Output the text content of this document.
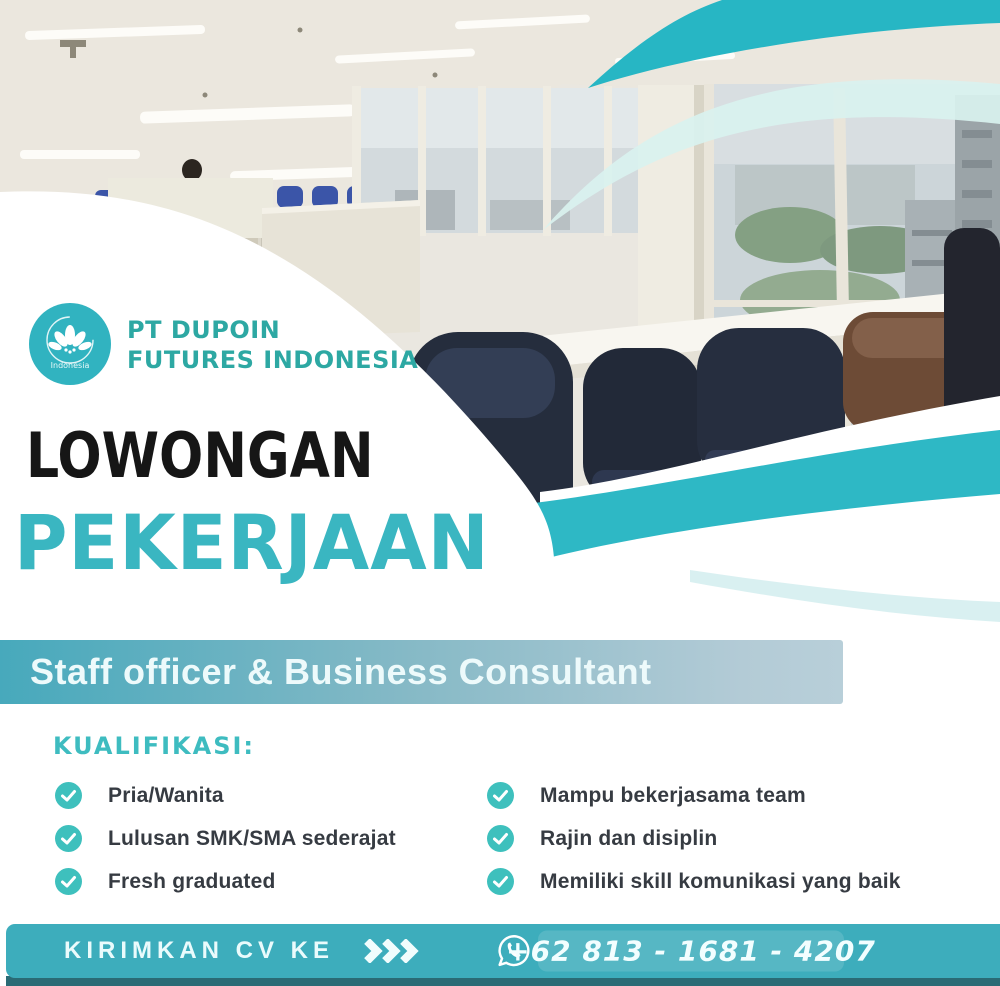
Indonesia
PT DUPOIN
FUTURES INDONESIA
LOWONGAN
PEKERJAAN
Staff officer & Business Consultant
KUALIFIKASI:
Pria/Wanita
Lulusan SMK/SMA sederajat
Fresh graduated
Mampu bekerjasama team
Rajin dan disiplin
Memiliki skill komunikasi yang baik
KIRIMKAN CV KE	+62 813 - 1681 - 4207
